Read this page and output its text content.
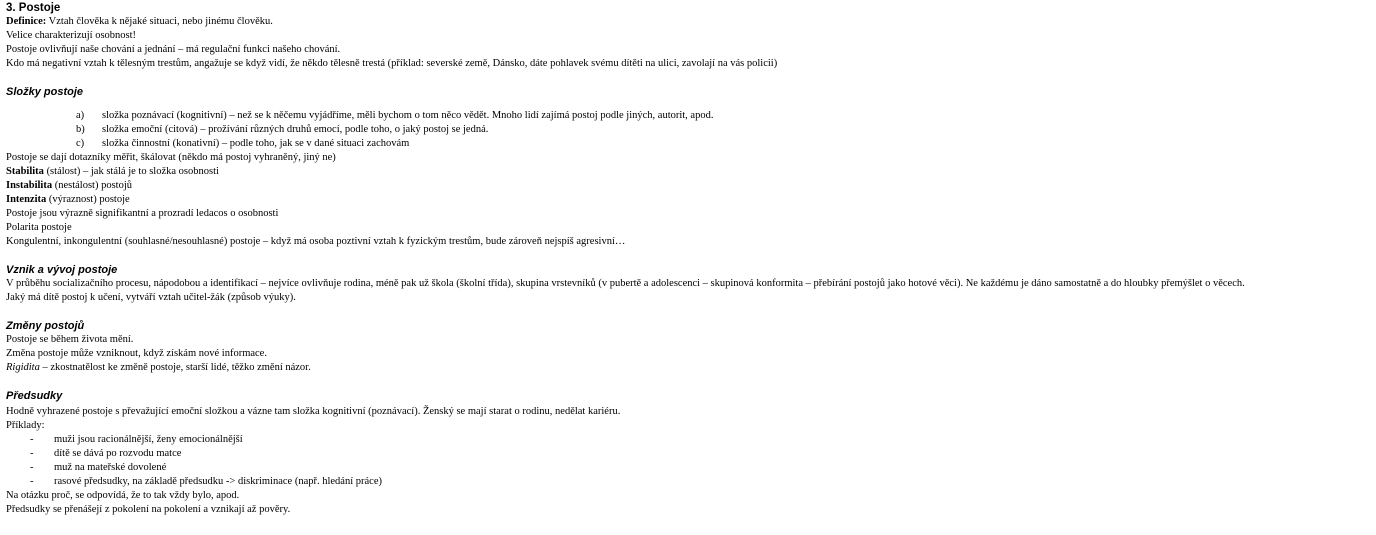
3. Postoje
Definice: Vztah člověka k nějaké situaci, nebo jinému člověku.
Velice charakterizují osobnost!
Postoje ovlivňují naše chování a jednání – má regulační funkci našeho chování.
Kdo má negativní vztah k tělesným trestům, angažuje se když vidí, že někdo tělesně trestá (příklad: severské země, Dánsko, dáte pohlavek svému dítěti na ulici, zavolají na vás policii)
Složky postoje
a) složka poznávací (kognitivní) – než se k něčemu vyjádříme, měli bychom o tom něco vědět. Mnoho lidí zajímá postoj podle jiných, autorit, apod.
b) složka emoční (citová) – prožívání různých druhů emocí, podle toho, o jaký postoj se jedná.
c) složka činnostní (konativní) – podle toho, jak se v dané situaci zachovám
Postoje se dají dotazníky měřit, škálovat (někdo má postoj vyhraněný, jiný ne)
Stabilita (stálost) – jak stálá je to složka osobnosti
Instabilita (nestálost) postojů
Intenzita (výraznost) postoje
Postoje jsou výrazně signifikantní a prozradí ledacos o osobnosti
Polarita postoje
Kongulentní, inkongulentní (souhlasné/nesouhlasné) postoje – když má osoba poztivní vztah k fyzickým trestům, bude zároveň nejspíš agresivní…
Vznik a vývoj postoje
V průběhu socializačního procesu, nápodobou a identifikací – nejvíce ovlivňuje rodina, méně pak už škola (školní třída), skupina vrstevníků (v pubertě a adolescenci – skupinová konformita – přebírání postojů jako hotové věci). Ne každému je dáno samostatně a do hloubky přemýšlet o věcech.
Jaký má dítě postoj k učení, vytváří vztah učitel-žák (způsob výuky).
Změny postojů
Postoje se během života mění.
Změna postoje může vzniknout, když získám nové informace.
Rigidita – zkostnatělost ke změně postoje, starší lidé, těžko změní názor.
Předsudky
Hodně vyhrazené postoje s převažující emoční složkou a vázne tam složka kognitivní (poznávací). Ženský se mají starat o rodinu, nedělat kariéru.
Příklady:
- muži jsou racionálnější, ženy emocionálnější
- dítě se dává po rozvodu matce
- muž na mateřské dovolené
- rasové předsudky, na základě předsudku -> diskriminace (např. hledání práce)
Na otázku proč, se odpovídá, že to tak vždy bylo, apod.
Předsudky se přenášejí z pokolení na pokolení a vznikají až pověry.
